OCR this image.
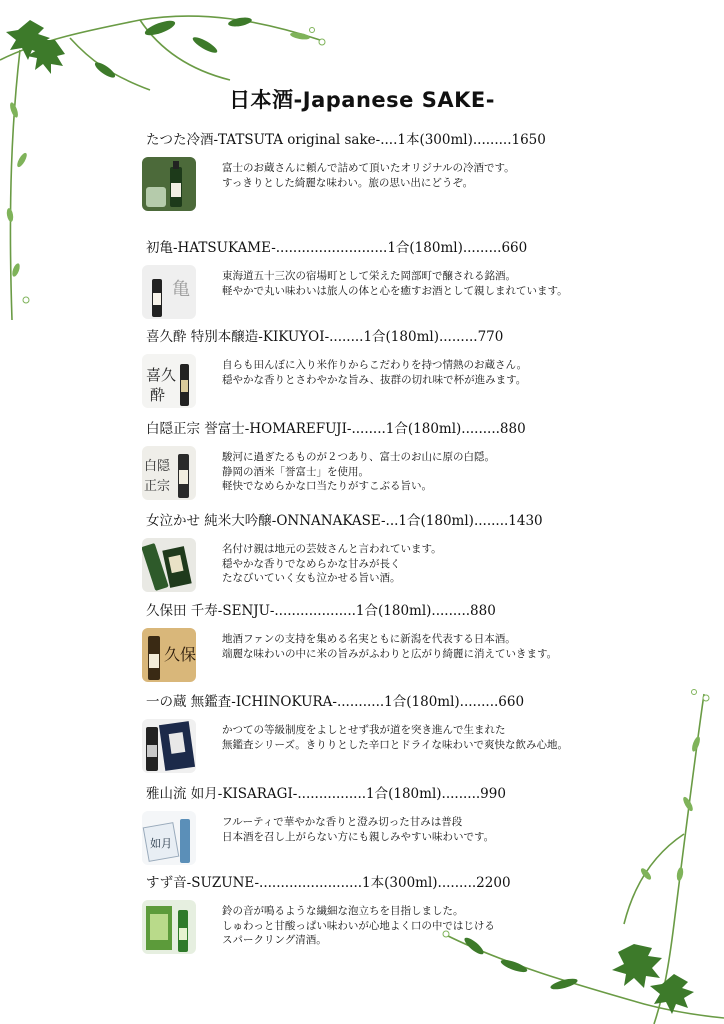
日本酒-Japanese SAKE-

たつた冷酒-TATSUTA original sake-....1本(300ml).........1650

富士のお蔵さんに頼んで詰めて頂いたオリジナルの冷酒です。
すっきりとした綺麗な味わい。旅の思い出にどうぞ。

初亀-HATSUKAME-..........................1合(180ml).........660

亀
東海道五十三次の宿場町として栄えた岡部町で醸される銘酒。
軽やかで丸い味わいは旅人の体と心を癒すお酒として親しまれています。

喜久酔 特別本醸造-KIKUYOI-........1合(180ml).........770

喜久
酔
自らも田んぼに入り米作りからこだわりを持つ情熱のお蔵さん。
穏やかな香りとさわやかな旨み、抜群の切れ味で杯が進みます。

白隠正宗 誉富士-HOMAREFUJI-........1合(180ml).........880

白隠
正宗
駿河に過ぎたるものが２つあり、富士のお山に原の白隠。
静岡の酒米「誉富士」を使用。
軽快でなめらかな口当たりがすこぶる旨い。

女泣かせ 純米大吟醸-ONNANAKASE-...1合(180ml)........1430

名付け親は地元の芸妓さんと言われています。
穏やかな香りでなめらかな甘みが長く
たなびいていく女も泣かせる旨い酒。

久保田 千寿-SENJU-...................1合(180ml).........880

久保
地酒ファンの支持を集める名実ともに新潟を代表する日本酒。
端麗な味わいの中に米の旨みがふわりと広がり綺麗に消えていきます。

一の蔵 無鑑査-ICHINOKURA-...........1合(180ml).........660

かつての等級制度をよしとせず我が道を突き進んで生まれた
無鑑査シリーズ。きりりとした辛口とドライな味わいで爽快な飲み心地。

雅山流 如月-KISARAGI-................1合(180ml).........990

如月
フルーティで華やかな香りと澄み切った甘みは普段
日本酒を召し上がらない方にも親しみやすい味わいです。

すず音-SUZUNE-........................1本(300ml).........2200

鈴の音が鳴るような繊細な泡立ちを目指しました。
しゅわっと甘酸っぱい味わいが心地よく口の中ではじける
スパークリング清酒。
